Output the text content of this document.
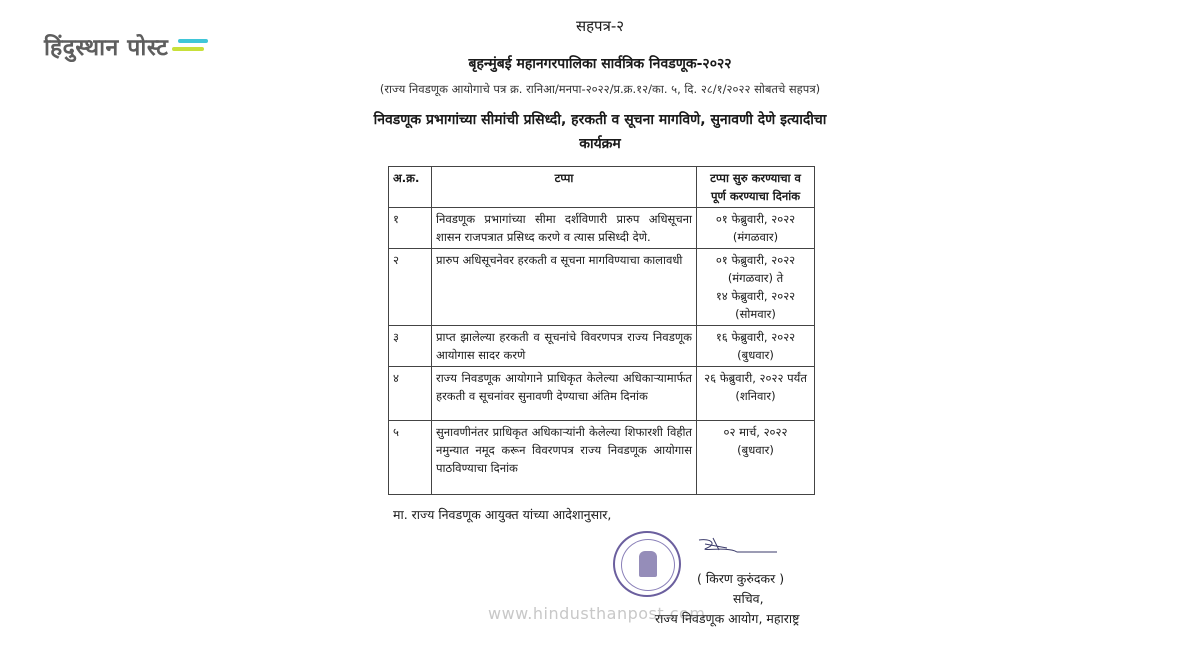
हिंदुस्थान पोस्ट
सहपत्र-२
बृहन्मुंबई महानगरपालिका सार्वत्रिक निवडणूक-२०२२
(राज्य निवडणूक आयोगाचे पत्र क्र. रानिआ/मनपा-२०२२/प्र.क्र.१२/का. ५, दि. २८/१/२०२२ सोबतचे सहपत्र)
निवडणूक प्रभागांच्या सीमांची प्रसिध्दी, हरकती व सूचना मागविणे, सुनावणी देणे इत्यादीचा
कार्यक्रम
अ.क्र.	टप्पा	टप्पा सुरु करण्याचा व पूर्ण करण्याचा दिनांक
१	निवडणूक प्रभागांच्या सीमा दर्शविणारी प्रारुप अधिसूचना शासन राजपत्रात प्रसिध्द करणे व त्यास प्रसिध्दी देणे.	०१ फेब्रुवारी, २०२२
(मंगळवार)

२	प्रारुप अधिसूचनेवर हरकती व सूचना मागविण्याचा कालावधी	०१ फेब्रुवारी, २०२२
(मंगळवार) ते
१४ फेब्रुवारी, २०२२
(सोमवार)

३	प्राप्त झालेल्या हरकती व सूचनांचे विवरणपत्र राज्य निवडणूक आयोगास सादर करणे	१६ फेब्रुवारी, २०२२
(बुधवार)

४	राज्य निवडणूक आयोगाने प्राधिकृत केलेल्या अधिकाऱ्यामार्फत हरकती व सूचनांवर सुनावणी देण्याचा अंतिम दिनांक	२६ फेब्रुवारी, २०२२ पर्यंत
(शनिवार)

५	सुनावणीनंतर प्राधिकृत अधिकाऱ्यांनी केलेल्या शिफारशी विहीत नमुन्यात नमूद करून विवरणपत्र राज्य निवडणूक आयोगास पाठविण्याचा दिनांक	०२ मार्च, २०२२
(बुधवार)
मा. राज्य निवडणूक आयुक्त यांच्या आदेशानुसार,
( किरण कुरुंदकर )
सचिव,
www.hindusthanpost.com
राज्य निवडणूक आयोग, महाराष्ट्र
